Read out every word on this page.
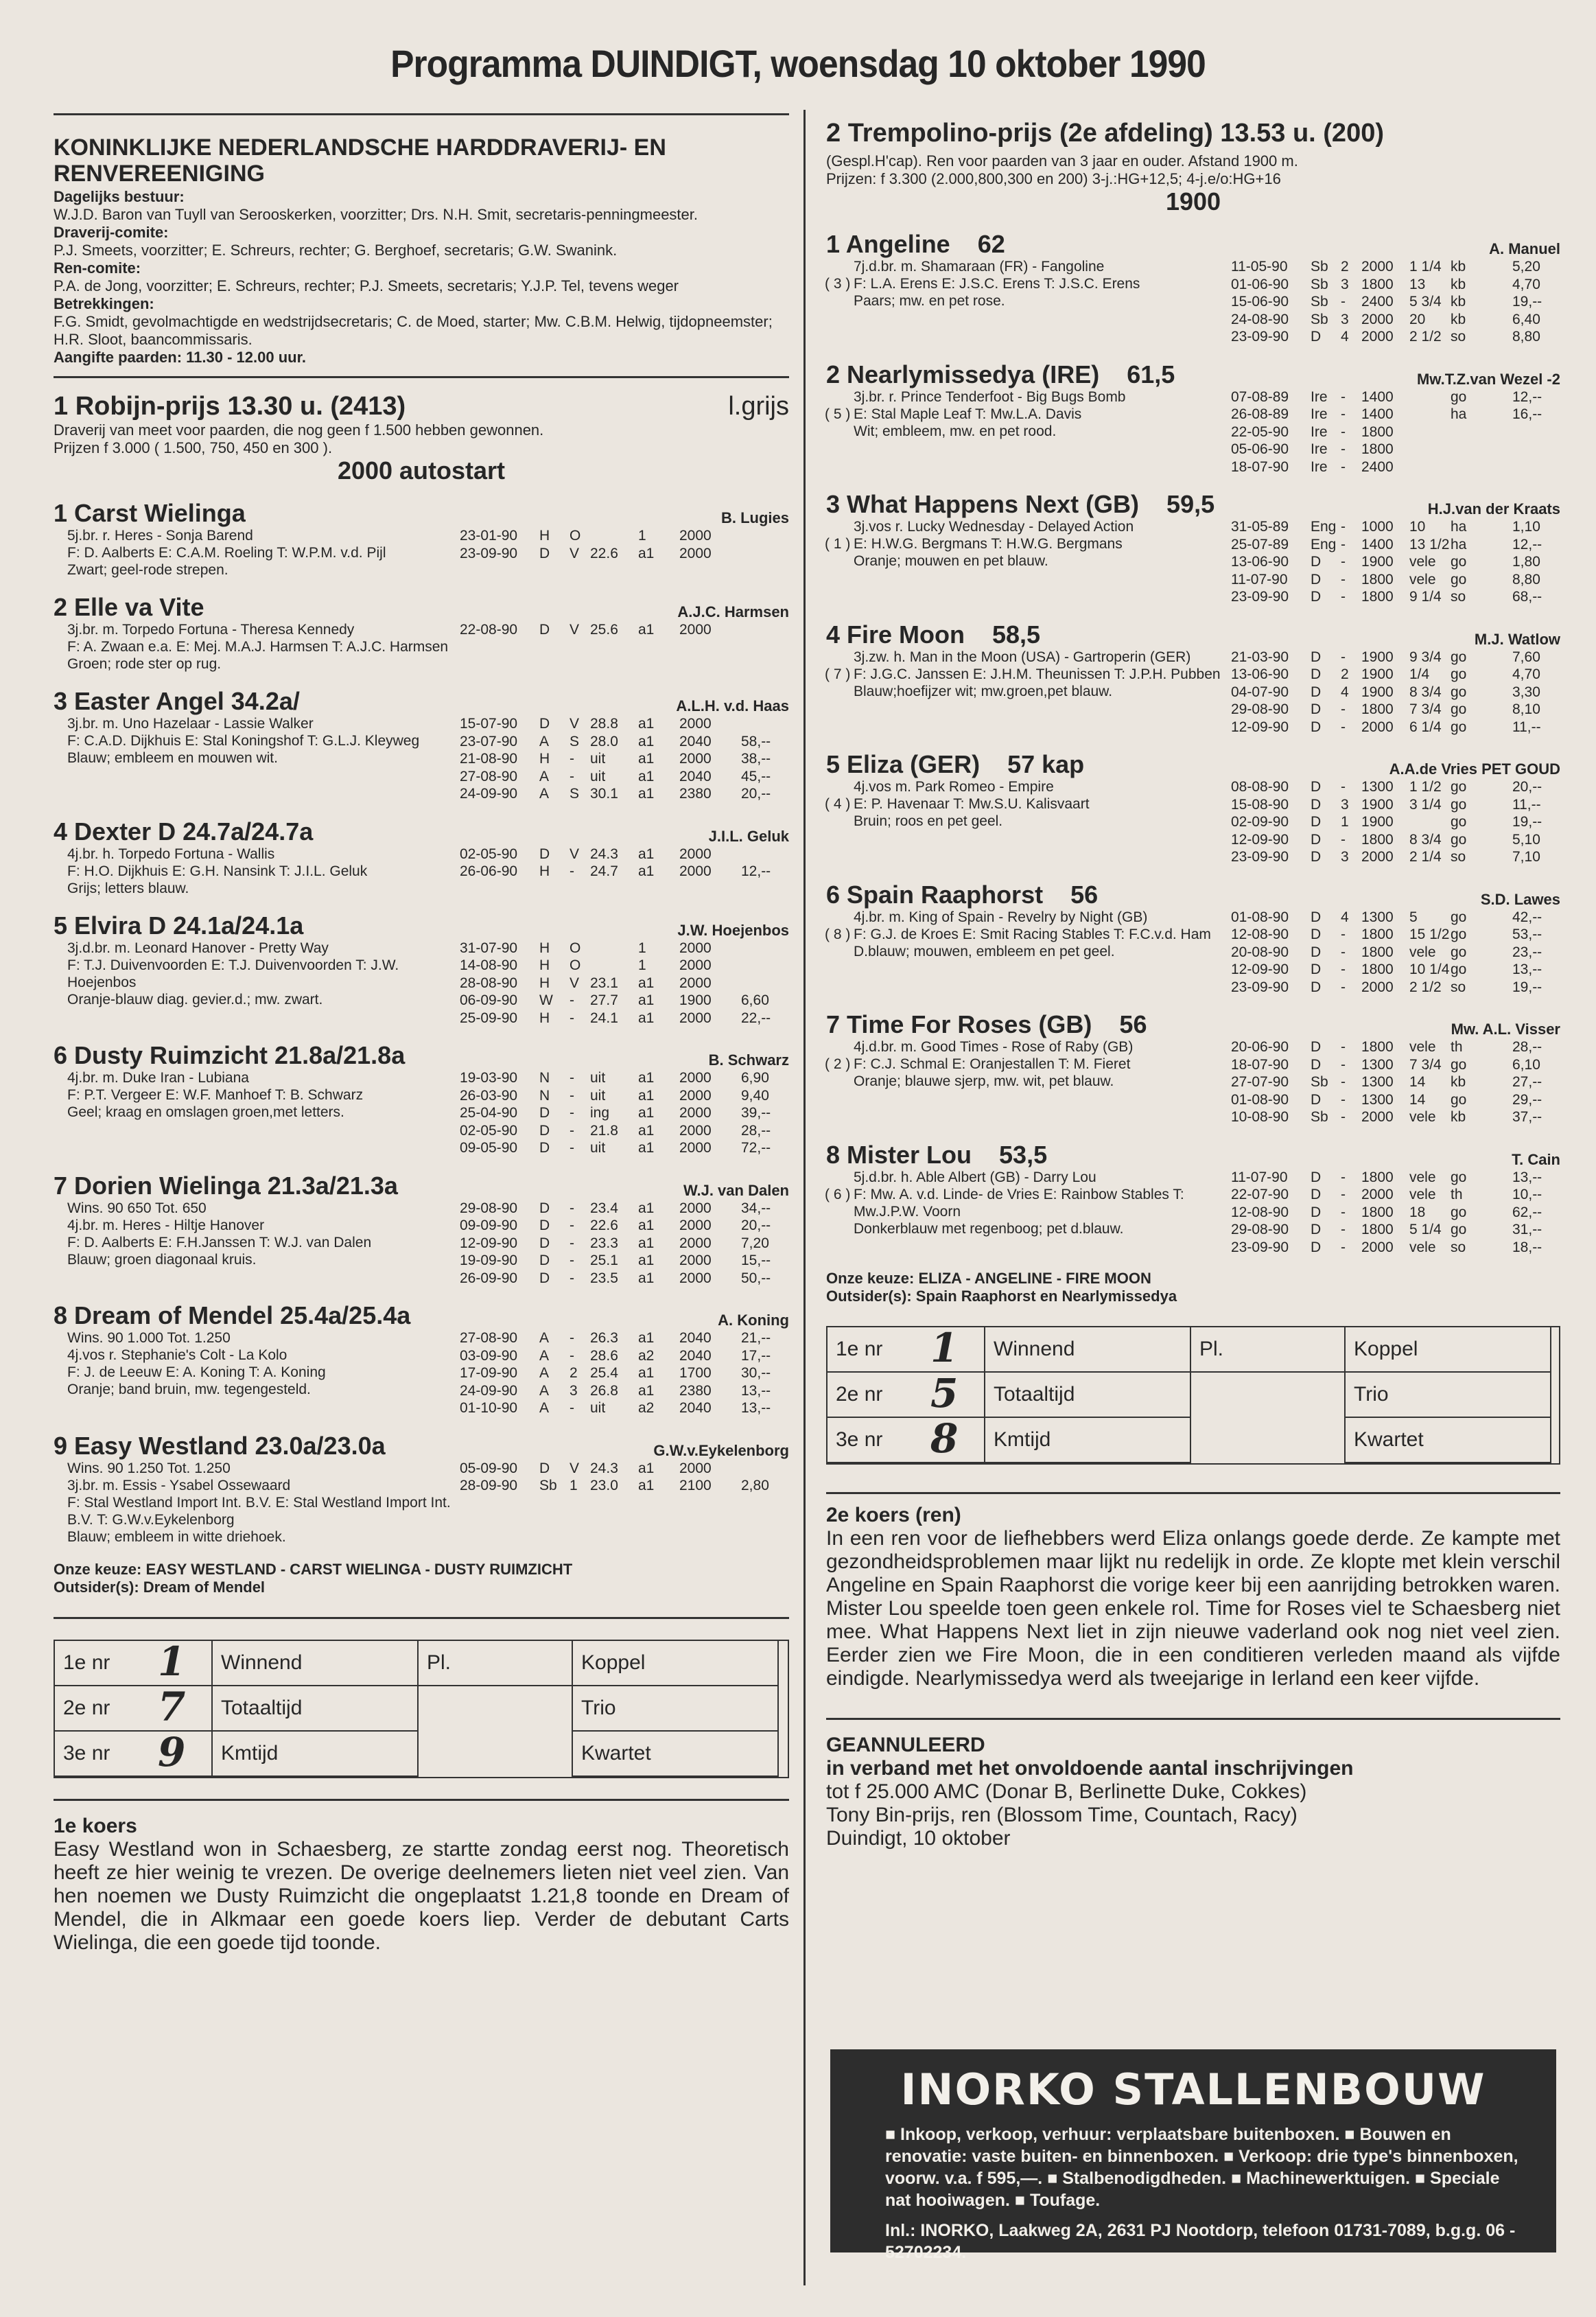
Programma DUINDIGT, woensdag 10 oktober 1990
KONINKLIJKE NEDERLANDSCHE HARDDRAVERIJ- EN RENVEREENIGING
Dagelijks bestuur:
W.J.D. Baron van Tuyll van Serooskerken, voorzitter; Drs. N.H. Smit, secretaris-penningmeester.
Draverij-comite:
P.J. Smeets, voorzitter; E. Schreurs, rechter; G. Berghoef, secretaris; G.W. Swanink.
Ren-comite:
P.A. de Jong, voorzitter; E. Schreurs, rechter; P.J. Smeets, secretaris; Y.J.P. Tel, tevens weger
Betrekkingen:
F.G. Smidt, gevolmachtigde en wedstrijdsecretaris; C. de Moed, starter; Mw. C.B.M. Helwig, tijdopneemster; H.R. Sloot, baancommissaris.
Aangifte paarden: 11.30 - 12.00 uur.
1 Robijn-prijs 13.30 u. (2413)	l.grijs
Draverij van meet voor paarden, die nog geen f 1.500 hebben gewonnen.
Prijzen f 3.000 ( 1.500, 750, 450 en 300 ).
2000 autostart
1 Carst Wielinga	B. Lugies
5j.br. r. Heres - Sonja Barend
F: D. Aalberts E: C.A.M. Roeling T: W.P.M. v.d. Pijl
Zwart; geel-rode strepen.
23-01-90	H	O	1	2000
23-09-90	D	V 22.6	a1	2000
2 Elle va Vite	A.J.C. Harmsen
3j.br. m. Torpedo Fortuna - Theresa Kennedy
F: A. Zwaan e.a. E: Mej. M.A.J. Harmsen T: A.J.C. Harmsen
Groen; rode ster op rug.
22-08-90	D	V 25.6	a1	2000
3 Easter Angel 34.2a/	A.L.H. v.d. Haas
3j.br. m. Uno Hazelaar - Lassie Walker
F: C.A.D. Dijkhuis E: Stal Koningshof T: G.L.J. Kleyweg
Blauw; embleem en mouwen wit.
15-07-90	D	V 28.8	a1	2000
23-07-90	A	S 28.0	a1	2040	58,--
21-08-90	H	-	uit	a1	2000	38,--
27-08-90	A	-	uit	a1	2040	45,--
24-09-90	A	S 30.1	a1	2380	20,--
4 Dexter D 24.7a/24.7a	J.I.L. Geluk
4j.br. h. Torpedo Fortuna - Wallis
F: H.O. Dijkhuis E: G.H. Nansink T: J.I.L. Geluk
Grijs; letters blauw.
02-05-90	D	V 24.3	a1	2000
26-06-90	H	-	24.7	a1	2000	12,--
5 Elvira D 24.1a/24.1a	J.W. Hoejenbos
3j.d.br. m. Leonard Hanover - Pretty Way
F: T.J. Duivenvoorden E: T.J. Duivenvoorden T: J.W. Hoejenbos
Oranje-blauw diag. gevier.d.; mw. zwart.
31-07-90	H	O	1	2000
14-08-90	H	O	1	2000
28-08-90	H	V 23.1	a1	2000
06-09-90	W	-	27.7	a1	1900	6,60
25-09-90	H	-	24.1	a1	2000	22,--
6 Dusty Ruimzicht 21.8a/21.8a	B. Schwarz
4j.br. m. Duke Iran - Lubiana
F: P.T. Vergeer E: W.F. Manhoef T: B. Schwarz
Geel; kraag en omslagen groen,met letters.
19-03-90	N	-	uit	a1	2000	6,90
26-03-90	N	-	uit	a1	2000	9,40
25-04-90	D	-	ing	a1	2000	39,--
02-05-90	D	-	21.8	a1	2000	28,--
09-05-90	D	-	uit	a1	2000	72,--
7 Dorien Wielinga 21.3a/21.3a	W.J. van Dalen
Wins. 90 650 Tot. 650
4j.br. m. Heres - Hiltje Hanover
F: D. Aalberts E: F.H.Janssen T: W.J. van Dalen
Blauw; groen diagonaal kruis.
29-08-90	D	-	23.4	a1	2000	34,--
09-09-90	D	-	22.6	a1	2000	20,--
12-09-90	D	-	23.3	a1	2000	7,20
19-09-90	D	-	25.1	a1	2000	15,--
26-09-90	D	-	23.5	a1	2000	50,--
8 Dream of Mendel 25.4a/25.4a	A. Koning
Wins. 90 1.000 Tot. 1.250
4j.vos r. Stephanie's Colt - La Kolo
F: J. de Leeuw E: A. Koning T: A. Koning
Oranje; band bruin, mw. tegengesteld.
27-08-90	A	-	26.3	a1	2040	21,--
03-09-90	A	-	28.6	a2	2040	17,--
17-09-90	A	2 25.4	a1	1700	30,--
24-09-90	A	3 26.8	a1	2380	13,--
01-10-90	A	-	uit	a2	2040	13,--
9 Easy Westland 23.0a/23.0a	G.W.v.Eykelenborg
Wins. 90 1.250 Tot. 1.250
3j.br. m. Essis - Ysabel Ossewaard
F: Stal Westland Import Int. B.V. E: Stal Westland Import Int. B.V. T: G.W.v.Eykelenborg
Blauw; embleem in witte driehoek.
05-09-90	D	V 24.3	a1	2000
28-09-90	Sb 1 23.0	a1	2100	2,80
Onze keuze: EASY WESTLAND - CARST WIELINGA - DUSTY RUIMZICHT
Outsider(s): Dream of Mendel
1e nr 1	Winnend	Pl.	Koppel
2e nr 7	Totaaltijd	Trio
3e nr 9	Kmtijd	Kwartet
1e koers
Easy Westland won in Schaesberg, ze startte zondag eerst nog. Theoretisch heeft ze hier weinig te vrezen. De overige deelnemers lieten niet veel zien. Van hen noemen we Dusty Ruimzicht die ongeplaatst 1.21,8 toonde en Dream of Mendel, die in Alkmaar een goede koers liep. Verder de debutant Carts Wielinga, die een goede tijd toonde.
2 Trempolino-prijs (2e afdeling) 13.53 u. (200)
(Gespl.H'cap). Ren voor paarden van 3 jaar en ouder. Afstand 1900 m.
Prijzen: f 3.300 (2.000,800,300 en 200) 3-j.:HG+12,5; 4-j.e/o:HG+16
1900
1 Angeline 62	A. Manuel
( 3 )
7j.d.br. m. Shamaraan (FR) - Fangoline
F: L.A. Erens E: J.S.C. Erens T: J.S.C. Erens
Paars; mw. en pet rose.
11-05-90	Sb 2 2000	1 1/4 kb	5,20
01-06-90	Sb 3 1800	13	kb	4,70
15-06-90	Sb -	2400	5 3/4 kb	19,--
24-08-90	Sb 3 2000	20	kb	6,40
23-09-90	D	4 2000	2 1/2 so	8,80
2 Nearlymissedya (IRE) 61,5	Mw.T.Z.van Wezel -2
( 5 )
3j.br. r. Prince Tenderfoot - Big Bugs Bomb
E: Stal Maple Leaf T: Mw.L.A. Davis
Wit; embleem, mw. en pet rood.
07-08-89	Ire -	1400	go	12,--
26-08-89	Ire -	1400	ha	16,--
22-05-90	Ire -	1800
05-06-90	Ire -	1800
18-07-90	Ire -	2400
3 What Happens Next (GB) 59,5	H.J.van der Kraats
( 1 )
3j.vos r. Lucky Wednesday - Delayed Action
E: H.W.G. Bergmans T: H.W.G. Bergmans
Oranje; mouwen en pet blauw.
31-05-89	Eng -	1000	10	ha	1,10
25-07-89	Eng -	1400	13 1/2 ha	12,--
13-06-90	D	-	1900	vele	go	1,80
11-07-90	D	-	1800	vele	go	8,80
23-09-90	D	-	1800	9 1/4 so	68,--
4 Fire Moon 58,5	M.J. Watlow
( 7 )
3j.zw. h. Man in the Moon (USA) - Gartroperin (GER)
F: J.G.C. Janssen E: J.H.M. Theunissen T: J.P.H. Pubben
Blauw;hoefijzer wit; mw.groen,pet blauw.
21-03-90	D	-	1900	9 3/4 go	7,60
13-06-90	D	2 1900	1/4	go	4,70
04-07-90	D	4 1900	8 3/4 go	3,30
29-08-90	D	-	1800	7 3/4 go	8,10
12-09-90	D	-	2000	6 1/4 go	11,--
5 Eliza (GER) 57 kap	A.A.de Vries PET GOUD
( 4 )
4j.vos m. Park Romeo - Empire
E: P. Havenaar T: Mw.S.U. Kalisvaart
Bruin; roos en pet geel.
08-08-90	D	-	1300	1 1/2 go	20,--
15-08-90	D	3 1900	3 1/4 go	11,--
02-09-90	D	1 1900	go	19,--
12-09-90	D	-	1800	8 3/4 go	5,10
23-09-90	D	3 2000	2 1/4 so	7,10
6 Spain Raaphorst 56	S.D. Lawes
( 8 )
4j.br. m. King of Spain - Revelry by Night (GB)
F: G.J. de Kroes E: Smit Racing Stables T: F.C.v.d. Ham
D.blauw; mouwen, embleem en pet geel.
01-08-90	D	4 1300	5	go	42,--
12-08-90	D	-	1800	15 1/2 go	53,--
20-08-90	D	-	1800	vele	go	23,--
12-09-90	D	-	1800	10 1/4 go	13,--
23-09-90	D	-	2000	2 1/2 so	19,--
7 Time For Roses (GB) 56	Mw. A.L. Visser
( 2 )
4j.d.br. m. Good Times - Rose of Raby (GB)
F: C.J. Schmal E: Oranjestallen T: M. Fieret
Oranje; blauwe sjerp, mw. wit, pet blauw.
20-06-90	D	-	1800	vele	th	28,--
18-07-90	D	-	1300	7 3/4 go	6,10
27-07-90	Sb -	1300	14	kb	27,--
01-08-90	D	-	1300	14	go	29,--
10-08-90	Sb -	2000	vele	kb	37,--
8 Mister Lou 53,5	T. Cain
( 6 )
5j.d.br. h. Able Albert (GB) - Darry Lou
F: Mw. A. v.d. Linde- de Vries E: Rainbow Stables T: Mw.J.P.W. Voorn
Donkerblauw met regenboog; pet d.blauw.
11-07-90	D	-	1800	vele	go	13,--
22-07-90	D	-	2000	vele	th	10,--
12-08-90	D	-	1800	18	go	62,--
29-08-90	D	-	1800	5 1/4 go	31,--
23-09-90	D	-	2000	vele	so	18,--
Onze keuze: ELIZA - ANGELINE - FIRE MOON
Outsider(s): Spain Raaphorst en Nearlymissedya
1e nr 1	Winnend	Pl.	Koppel
2e nr 5	Totaaltijd	Trio
3e nr 8	Kmtijd	Kwartet
2e koers (ren)
In een ren voor de liefhebbers werd Eliza onlangs goede derde. Ze kampte met gezondheidsproblemen maar lijkt nu redelijk in orde. Ze klopte met klein verschil Angeline en Spain Raaphorst die vorige keer bij een aanrijding betrokken waren. Mister Lou speelde toen geen enkele rol. Time for Roses viel te Schaesberg niet mee. What Happens Next liet in zijn nieuwe vaderland ook nog niet veel zien. Eerder zien we Fire Moon, die in een conditieren verleden maand als vijfde eindigde. Nearlymissedya werd als tweejarige in Ierland een keer vijfde.
GEANNULEERD
in verband met het onvoldoende aantal inschrijvingen
tot f 25.000 AMC (Donar B, Berlinette Duke, Cokkes)
Tony Bin-prijs, ren (Blossom Time, Countach, Racy)
Duindigt, 10 oktober
INORKO STALLENBOUW
■ Inkoop, verkoop, verhuur: verplaatsbare buitenboxen. ■ Bouwen en renovatie: vaste buiten- en binnenboxen. ■ Verkoop: drie type's binnenboxen, voorw. v.a. f 595,—. ■ Stalbenodigdheden. ■ Machinewerktuigen. ■ Speciale nat hooiwagen. ■ Toufage.
Inl.: INORKO, Laakweg 2A, 2631 PJ Nootdorp, telefoon 01731-7089, b.g.g. 06 - 52702234.
